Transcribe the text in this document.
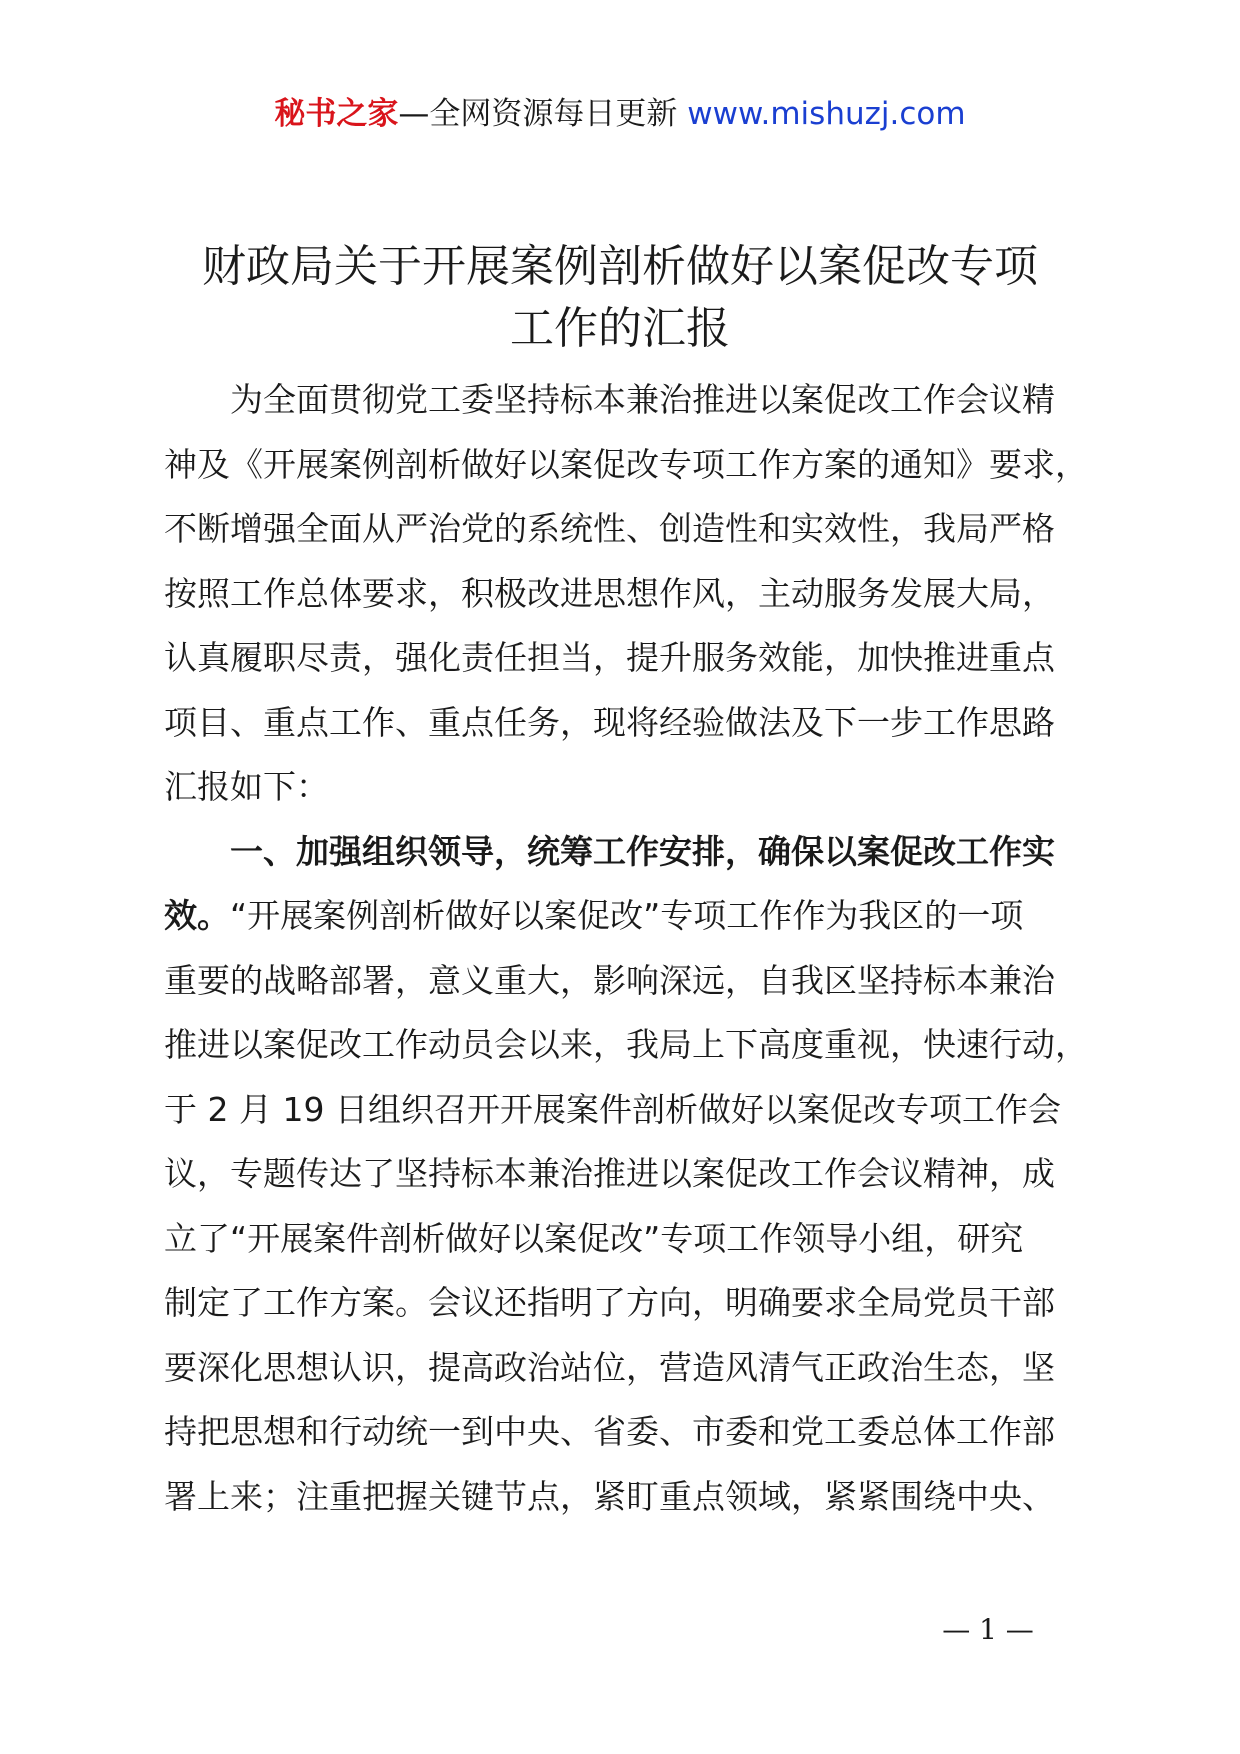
秘书之家—全网资源每日更新 www.mishuzj.com
财政局关于开展案例剖析做好以案促改专项
工作的汇报
为全面贯彻党工委坚持标本兼治推进以案促改工作会议精
神及《开展案例剖析做好以案促改专项工作方案的通知》要求，
不断增强全面从严治党的系统性、创造性和实效性，我局严格
按照工作总体要求，积极改进思想作风，主动服务发展大局，
认真履职尽责，强化责任担当，提升服务效能，加快推进重点
项目、重点工作、重点任务，现将经验做法及下一步工作思路
汇报如下：
一、加强组织领导，统筹工作安排，确保以案促改工作实
效。“开展案例剖析做好以案促改”专项工作作为我区的一项
重要的战略部署，意义重大，影响深远，自我区坚持标本兼治
推进以案促改工作动员会以来，我局上下高度重视，快速行动，
于 2 月 19 日组织召开开展案件剖析做好以案促改专项工作会
议，专题传达了坚持标本兼治推进以案促改工作会议精神，成
立了“开展案件剖析做好以案促改”专项工作领导小组，研究
制定了工作方案。会议还指明了方向，明确要求全局党员干部
要深化思想认识，提高政治站位，营造风清气正政治生态，坚
持把思想和行动统一到中央、省委、市委和党工委总体工作部
署上来；注重把握关键节点，紧盯重点领域，紧紧围绕中央、
— 1 —
